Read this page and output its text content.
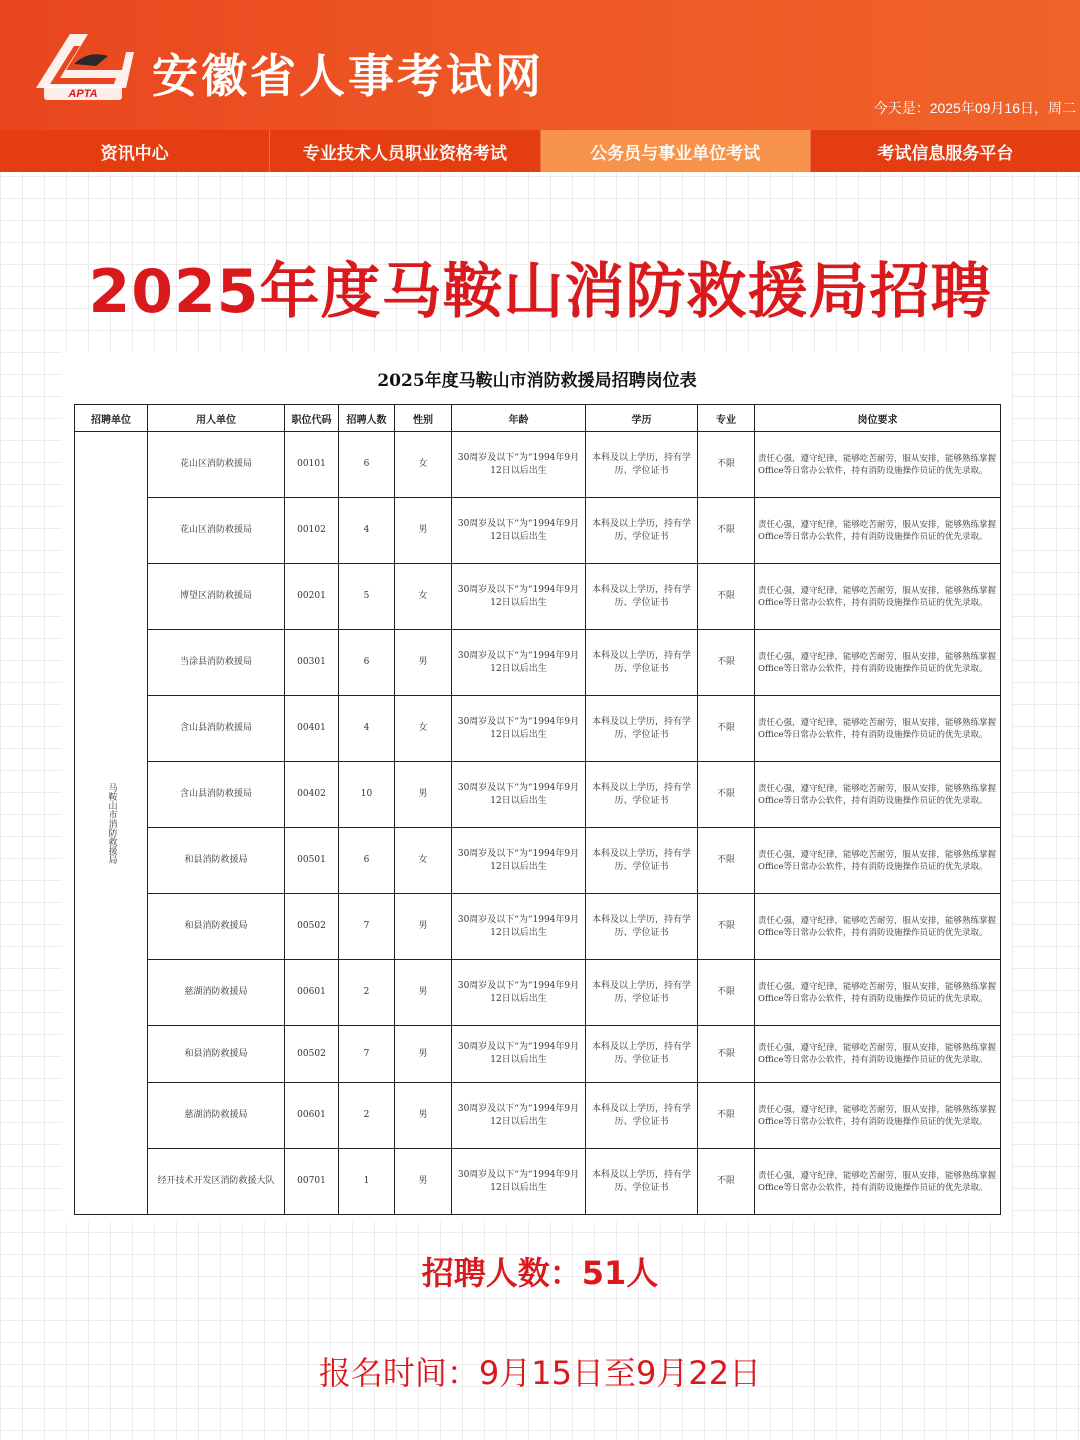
APTA 安徽省人事考试网
今天是：2025年09月16日，周二
资讯中心	专业技术人员职业资格考试	公务员与事业单位考试	考试信息服务平台
2025年度马鞍山消防救援局招聘
2025年度马鞍山市消防救援局招聘岗位表
招聘单位	用人单位	职位代码	招聘人数	性别	年龄	学历	专业	岗位要求
马鞍山市消防救援局	花山区消防救援局	00101	6	女	30周岁及以下“为“1994年9月12日以后出生	本科及以上学历，持有学历、学位证书	不限	责任心强，遵守纪律，能够吃苦耐劳，服从安排，能够熟练掌握Office等日常办公软件，持有消防设施操作员证的优先录取。
	花山区消防救援局	00102	4	男	30周岁及以下“为“1994年9月12日以后出生	本科及以上学历，持有学历、学位证书	不限	责任心强，遵守纪律，能够吃苦耐劳，服从安排，能够熟练掌握Office等日常办公软件，持有消防设施操作员证的优先录取。
	博望区消防救援局	00201	5	女	30周岁及以下“为“1994年9月12日以后出生	本科及以上学历，持有学历、学位证书	不限	责任心强，遵守纪律，能够吃苦耐劳，服从安排，能够熟练掌握Office等日常办公软件，持有消防设施操作员证的优先录取。
	当涂县消防救援局	00301	6	男	30周岁及以下“为“1994年9月12日以后出生	本科及以上学历，持有学历、学位证书	不限	责任心强，遵守纪律，能够吃苦耐劳，服从安排，能够熟练掌握Office等日常办公软件，持有消防设施操作员证的优先录取。
	含山县消防救援局	00401	4	女	30周岁及以下“为“1994年9月12日以后出生	本科及以上学历，持有学历、学位证书	不限	责任心强，遵守纪律，能够吃苦耐劳，服从安排，能够熟练掌握Office等日常办公软件，持有消防设施操作员证的优先录取。
	含山县消防救援局	00402	10	男	30周岁及以下“为“1994年9月12日以后出生	本科及以上学历，持有学历、学位证书	不限	责任心强，遵守纪律，能够吃苦耐劳，服从安排，能够熟练掌握Office等日常办公软件，持有消防设施操作员证的优先录取。
	和县消防救援局	00501	6	女	30周岁及以下“为“1994年9月12日以后出生	本科及以上学历，持有学历、学位证书	不限	责任心强，遵守纪律，能够吃苦耐劳，服从安排，能够熟练掌握Office等日常办公软件，持有消防设施操作员证的优先录取。
	和县消防救援局	00502	7	男	30周岁及以下“为“1994年9月12日以后出生	本科及以上学历，持有学历、学位证书	不限	责任心强，遵守纪律，能够吃苦耐劳，服从安排，能够熟练掌握Office等日常办公软件，持有消防设施操作员证的优先录取。
	慈湖消防救援局	00601	2	男	30周岁及以下“为“1994年9月12日以后出生	本科及以上学历，持有学历、学位证书	不限	责任心强，遵守纪律，能够吃苦耐劳，服从安排，能够熟练掌握Office等日常办公软件，持有消防设施操作员证的优先录取。
	和县消防救援局	00502	7	男	30周岁及以下“为“1994年9月12日以后出生	本科及以上学历，持有学历、学位证书	不限	责任心强，遵守纪律，能够吃苦耐劳，服从安排，能够熟练掌握Office等日常办公软件，持有消防设施操作员证的优先录取。
	慈湖消防救援局	00601	2	男	30周岁及以下“为“1994年9月12日以后出生	本科及以上学历，持有学历、学位证书	不限	责任心强，遵守纪律，能够吃苦耐劳，服从安排，能够熟练掌握Office等日常办公软件，持有消防设施操作员证的优先录取。
	经开技术开发区消防救援大队	00701	1	男	30周岁及以下“为“1994年9月12日以后出生	本科及以上学历，持有学历、学位证书	不限	责任心强，遵守纪律，能够吃苦耐劳，服从安排，能够熟练掌握Office等日常办公软件，持有消防设施操作员证的优先录取。
招聘人数：51人
报名时间：9月15日至9月22日
